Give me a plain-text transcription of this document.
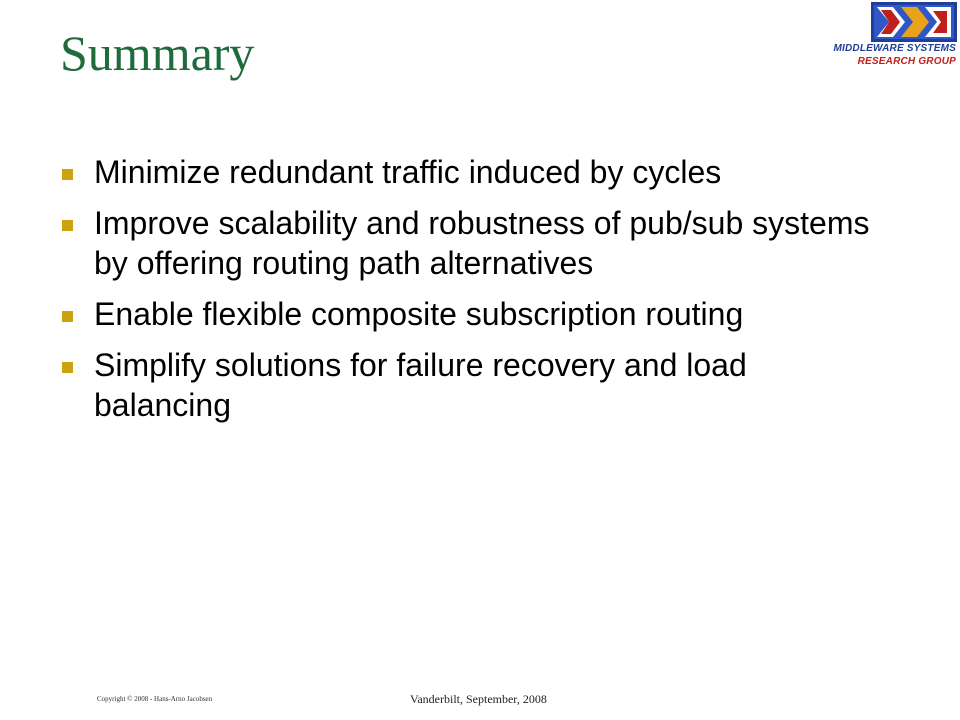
Summary	MIDDLEWARE SYSTEMS
RESEARCH GROUP
Minimize redundant traffic induced by cycles
Improve scalability and robustness of pub/sub systems by offering routing path alternatives
Enable flexible composite subscription routing
Simplify solutions for failure recovery and load balancing
Copyright © 2008 - Hans-Arno Jacobsen	Vanderbilt, September, 2008
